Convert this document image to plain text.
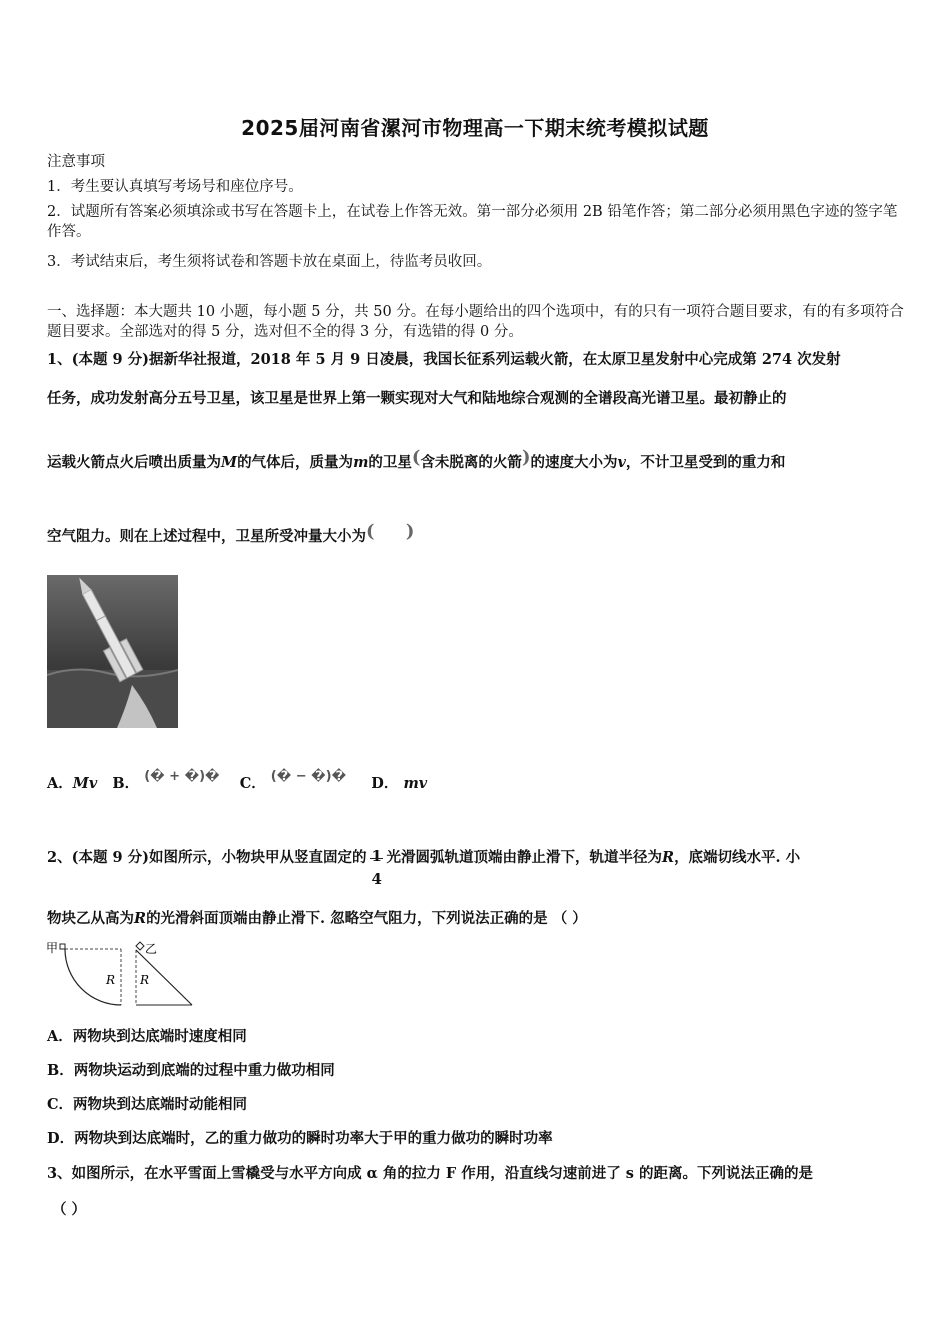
2025届河南省漯河市物理高一下期末统考模拟试题
注意事项
1．考生要认真填写考场号和座位序号。
2．试题所有答案必须填涂或书写在答题卡上，在试卷上作答无效。第一部分必须用 2B 铅笔作答；第二部分必须用黑色字迹的签字笔作答。
3．考试结束后，考生须将试卷和答题卡放在桌面上，待监考员收回。
一、选择题：本大题共 10 小题，每小题 5 分，共 50 分。在每小题给出的四个选项中，有的只有一项符合题目要求，有的有多项符合题目要求。全部选对的得 5 分，选对但不全的得 3 分，有选错的得 0 分。
1、(本题 9 分)据新华社报道，2018 年 5 月 9 日凌晨，我国长征系列运载火箭，在太原卫星发射中心完成第 274 次发射
任务，成功发射高分五号卫星，该卫星是世界上第一颗实现对大气和陆地综合观测的全谱段高光谱卫星。最初静止的
运载火箭点火后喷出质量为M的气体后，质量为m的卫星(含未脱离的火箭)的速度大小为v，不计卫星受到的重力和
空气阻力。则在上述过程中，卫星所受冲量大小为(     )
A．Mv B． (� + �)� C． (� − �)� D． mv
2、(本题 9 分)如图所示，小物块甲从竖直固定的 1
4
光滑圆弧轨道顶端由静止滑下，轨道半径为R，底端切线水平. 小
物块乙从高为R的光滑斜面顶端由静止滑下. 忽略空气阻力，下列说法正确的是 （ ）
甲
R
乙
R
A．两物块到达底端时速度相同
B．两物块运动到底端的过程中重力做功相同
C．两物块到达底端时动能相同
D．两物块到达底端时，乙的重力做功的瞬时功率大于甲的重力做功的瞬时功率
3、如图所示，在水平雪面上雪橇受与水平方向成 α 角的拉力 F 作用，沿直线匀速前进了 s 的距离。下列说法正确的是
（ ）
